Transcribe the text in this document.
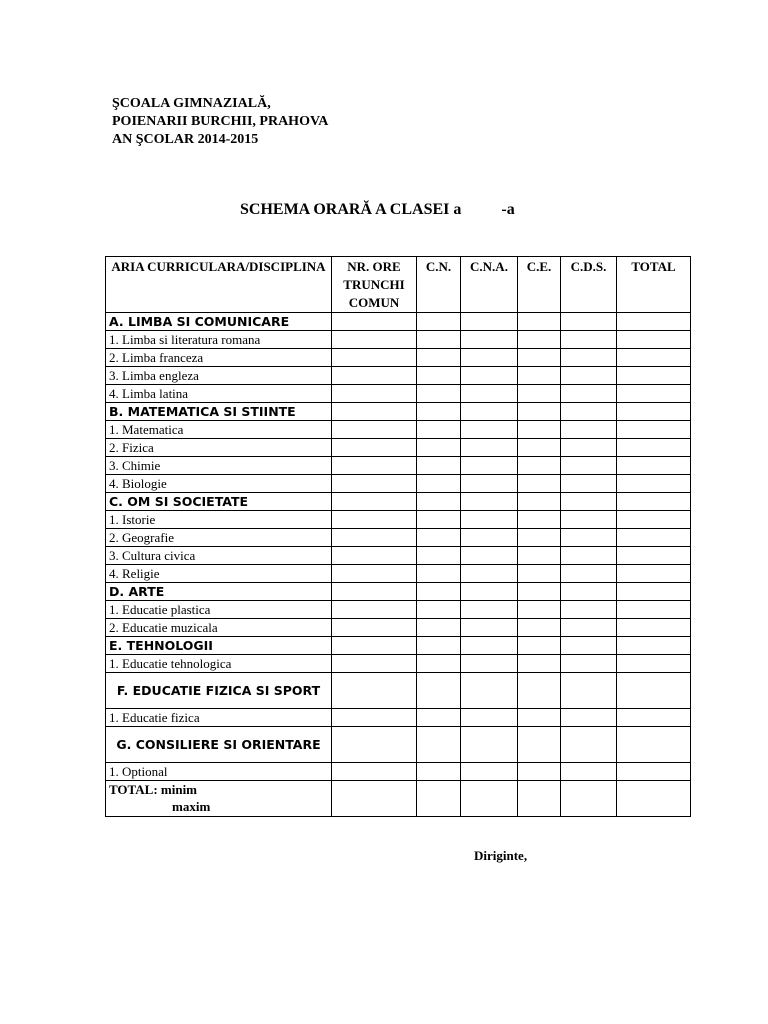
ŞCOALA GIMNAZIALĂ,
POIENARII BURCHII, PRAHOVA
AN ŞCOLAR 2014-2015
SCHEMA ORARĂ A CLASEI a	-a
ARIA CURRICULARA/DISCIPLINA	NR. ORE TRUNCHI COMUN	C.N.	C.N.A.	C.E.	C.D.S.	TOTAL
A. LIMBA SI COMUNICARE						
1. Limba si literatura romana						
2. Limba franceza						
3. Limba engleza						
4. Limba latina						
B. MATEMATICA SI STIINTE						
1. Matematica						
2. Fizica						
3. Chimie						
4. Biologie						
C. OM SI SOCIETATE						
1. Istorie						
2. Geografie						
3. Cultura civica						
4. Religie						
D. ARTE						
1. Educatie plastica						
2. Educatie muzicala						
E. TEHNOLOGII						
1. Educatie tehnologica						
F. EDUCATIE FIZICA SI SPORT						
1. Educatie fizica						
G. CONSILIERE SI ORIENTARE						
1. Optional						

TOTAL: minim
maxim						

Diriginte,
